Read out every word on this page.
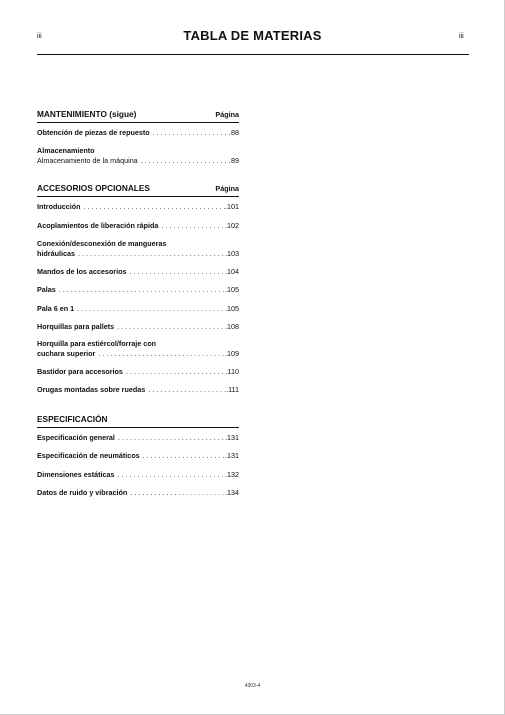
iii	TABLA DE MATERIAS	iii
MANTENIMIENTO (sigue)	Página
Obtención de piezas de repuesto . . .	88
Almacenamiento
Almacenamiento de la máquina . . .	89
ACCESORIOS OPCIONALES	Página
Introducción . . .	.101
Acoplamientos de liberación rápida . . .	.102
Conexión/desconexión de mangueras
hidráulicas . . .	.103
Mandos de los accesorios . . .	.104
Palas . . .	.105
Pala 6 en 1 . . .	.105
Horquillas para pallets . . .	.108
Horquilla para estiércol/forraje con
cuchara superior . . .	.109
Bastidor para accesorios . . .	.110
Orugas montadas sobre ruedas . . .	.111
ESPECIFICACIÓN
Especificación general . . .	.131
Especificación de neumáticos . . .	.131
Dimensiones estáticas . . .	.132
Datos de ruido y vibración . . .	.134
4303-4
